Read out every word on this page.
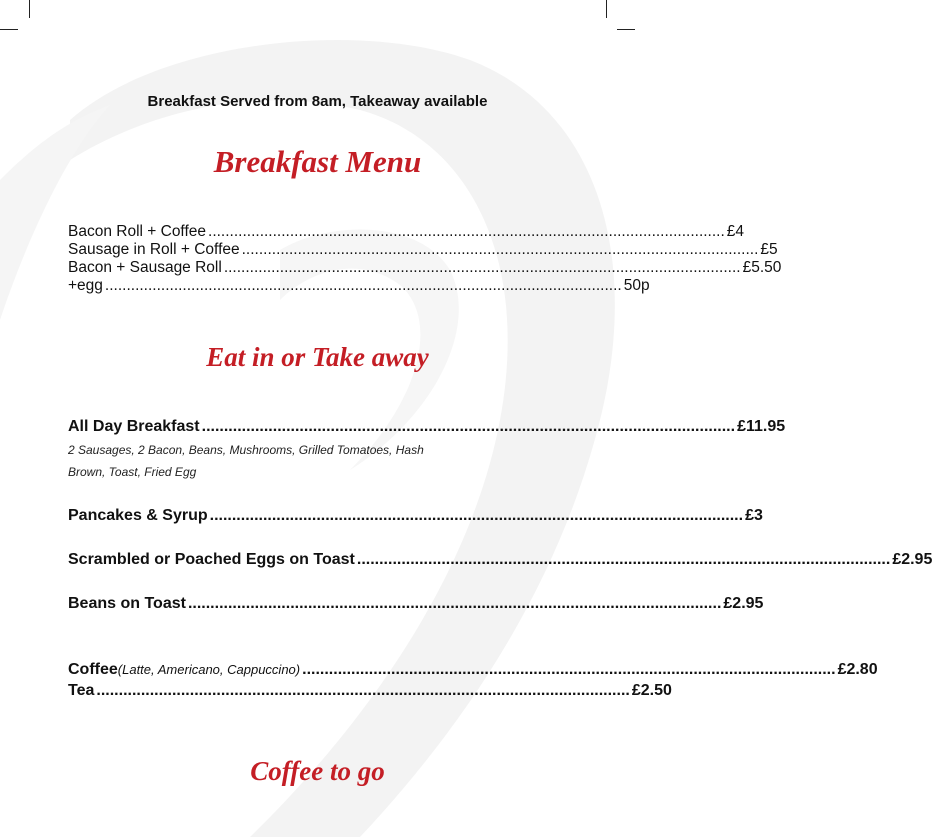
Breakfast Served from 8am, Takeaway available
Breakfast Menu
Bacon Roll + Coffee ........................................................................................................................ £4
Sausage in Roll + Coffee ........................................................................................................................ £5
Bacon + Sausage Roll ........................................................................................................................ £5.50
+egg ........................................................................................................................ 50p
Eat in or Take away
All Day Breakfast ........................................................................................................................ £11.95
2 Sausages, 2 Bacon, Beans, Mushrooms, Grilled Tomatoes, Hash
Brown, Toast, Fried Egg
Pancakes & Syrup ........................................................................................................................ £3
Scrambled or Poached Eggs on Toast ........................................................................................................................ £2.95
Beans on Toast ........................................................................................................................ £2.95
Coffee (Latte, Americano, Cappuccino) ........................................................................................................................ £2.80
Tea ........................................................................................................................ £2.50
Coffee to go
